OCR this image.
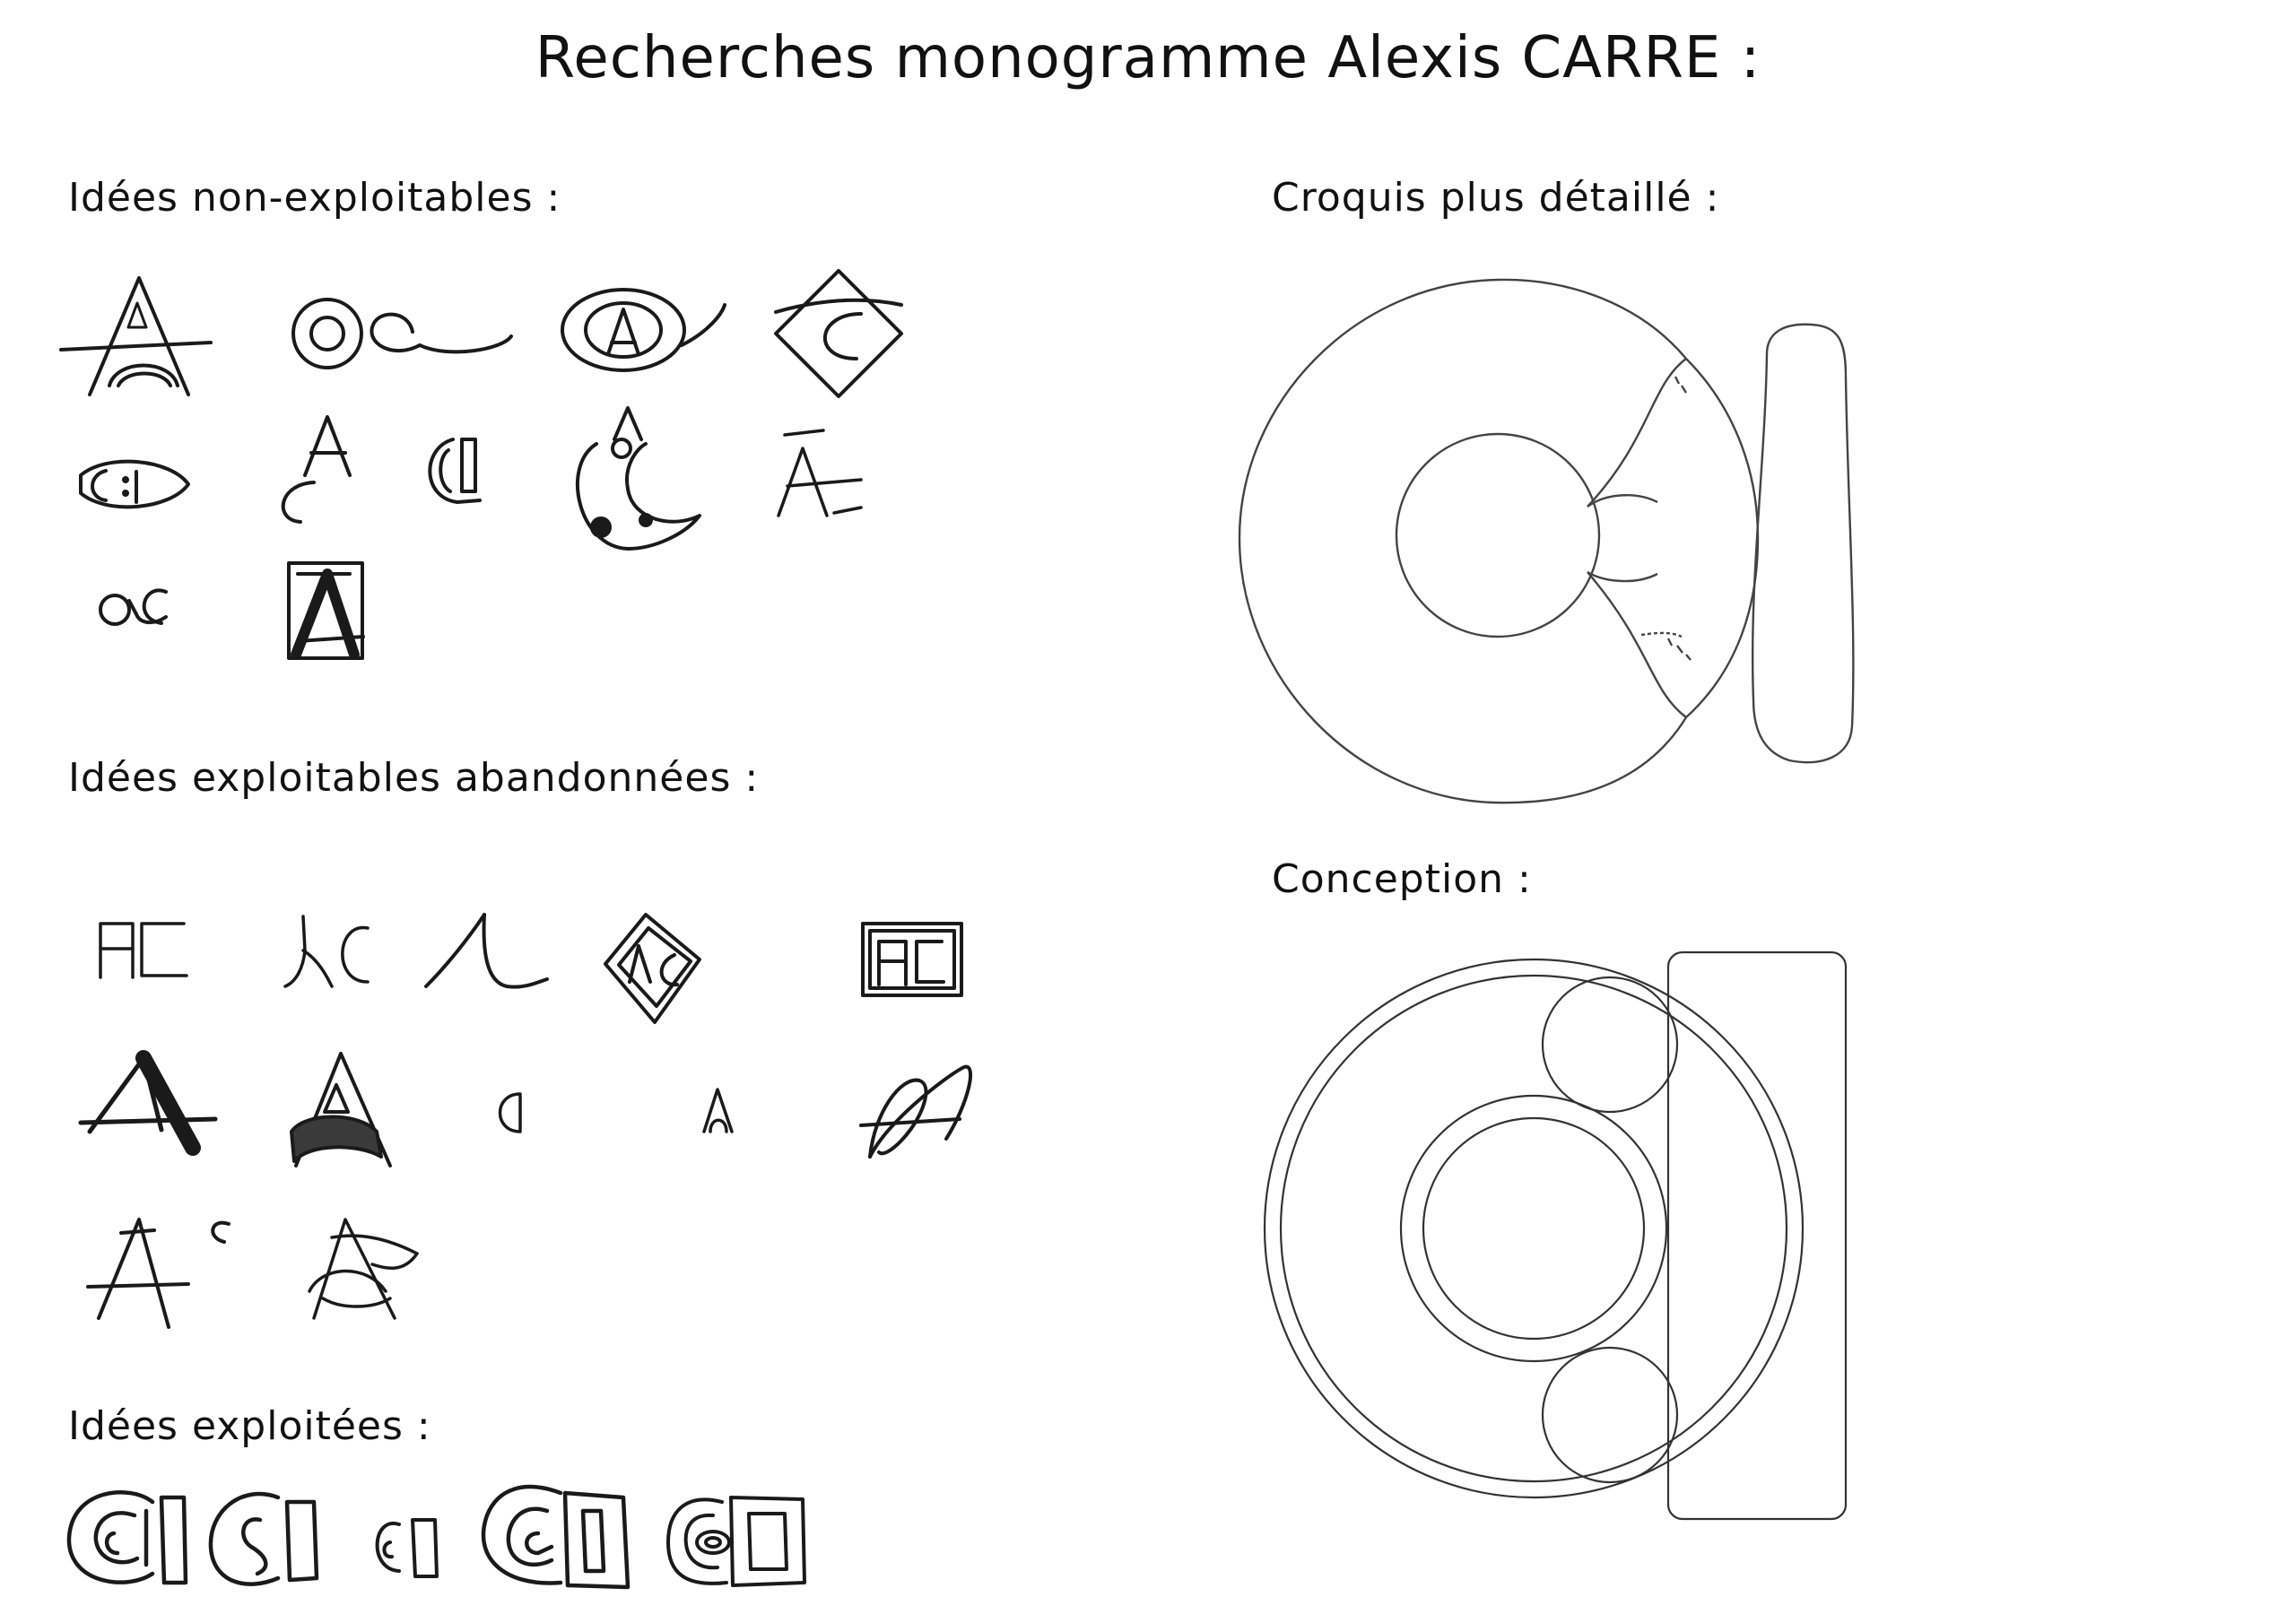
Recherches monogramme Alexis CARRE :
Idées non-exploitables :
Idées exploitables abandonnées :
Idées exploitées :
Croquis plus détaillé :
Conception :
